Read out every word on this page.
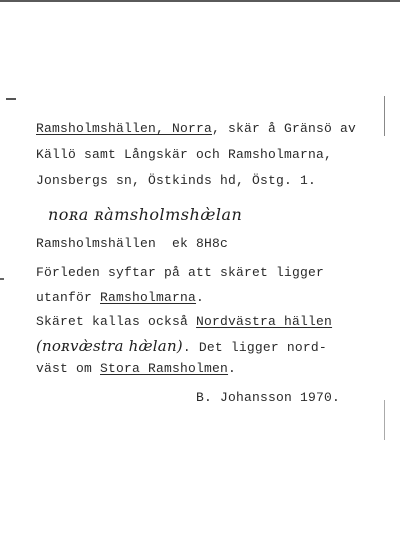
Ramsholmshällen, Norra, skär å Gränsö av
Källö samt Långskär och Ramsholmarna,
Jonsbergs sn, Östkinds hd, Östg. 1.
noʀa ʀàmsholmshæ̀lan
Ramsholmshällen ek 8H8c
Förleden syftar på att skäret ligger
utanför Ramsholmarna.
Skäret kallas också Nordvästra hällen
(noʀvæ̀stra hæ̀lan). Det ligger nord-
väst om Stora Ramsholmen.
B. Johansson 1970.
